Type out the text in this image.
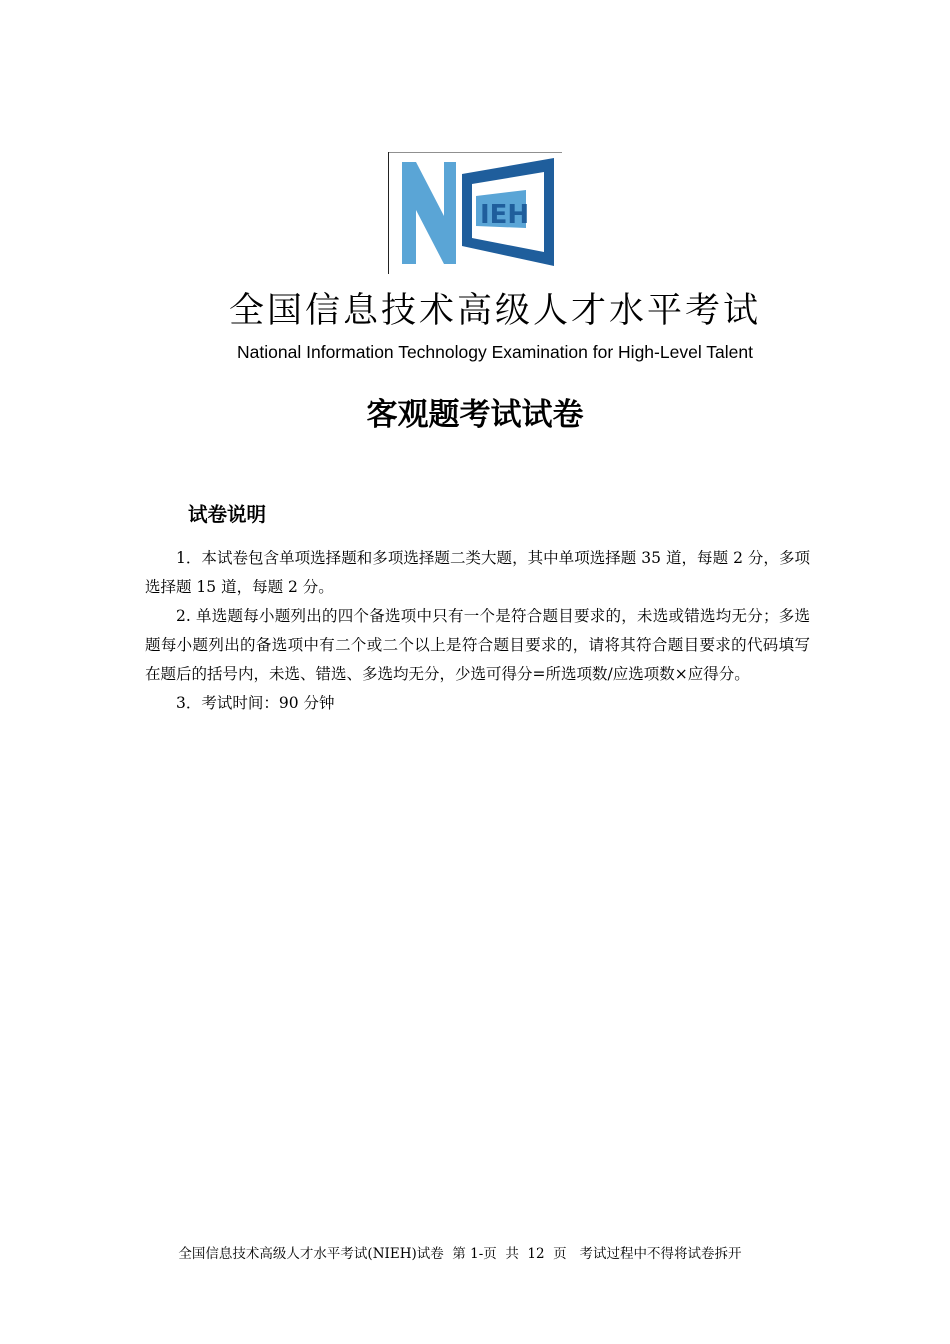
IEH
全国信息技术高级人才水平考试
National Information Technology Examination for High-Level Talent
客观题考试试卷
试卷说明

1．本试卷包含单项选择题和多项选择题二类大题，其中单项选择题 35 道，每题 2 分，多项选择题 15 道，每题 2 分。

2. 单选题每小题列出的四个备选项中只有一个是符合题目要求的，未选或错选均无分；多选题每小题列出的备选项中有二个或二个以上是符合题目要求的，请将其符合题目要求的代码填写在题后的括号内，未选、错选、多选均无分，少选可得分=所选项数/应选项数×应得分。

3．考试时间：90 分钟

全国信息技术高级人才水平考试(NIEH)试卷  第 1-页  共  12  页   考试过程中不得将试卷拆开
